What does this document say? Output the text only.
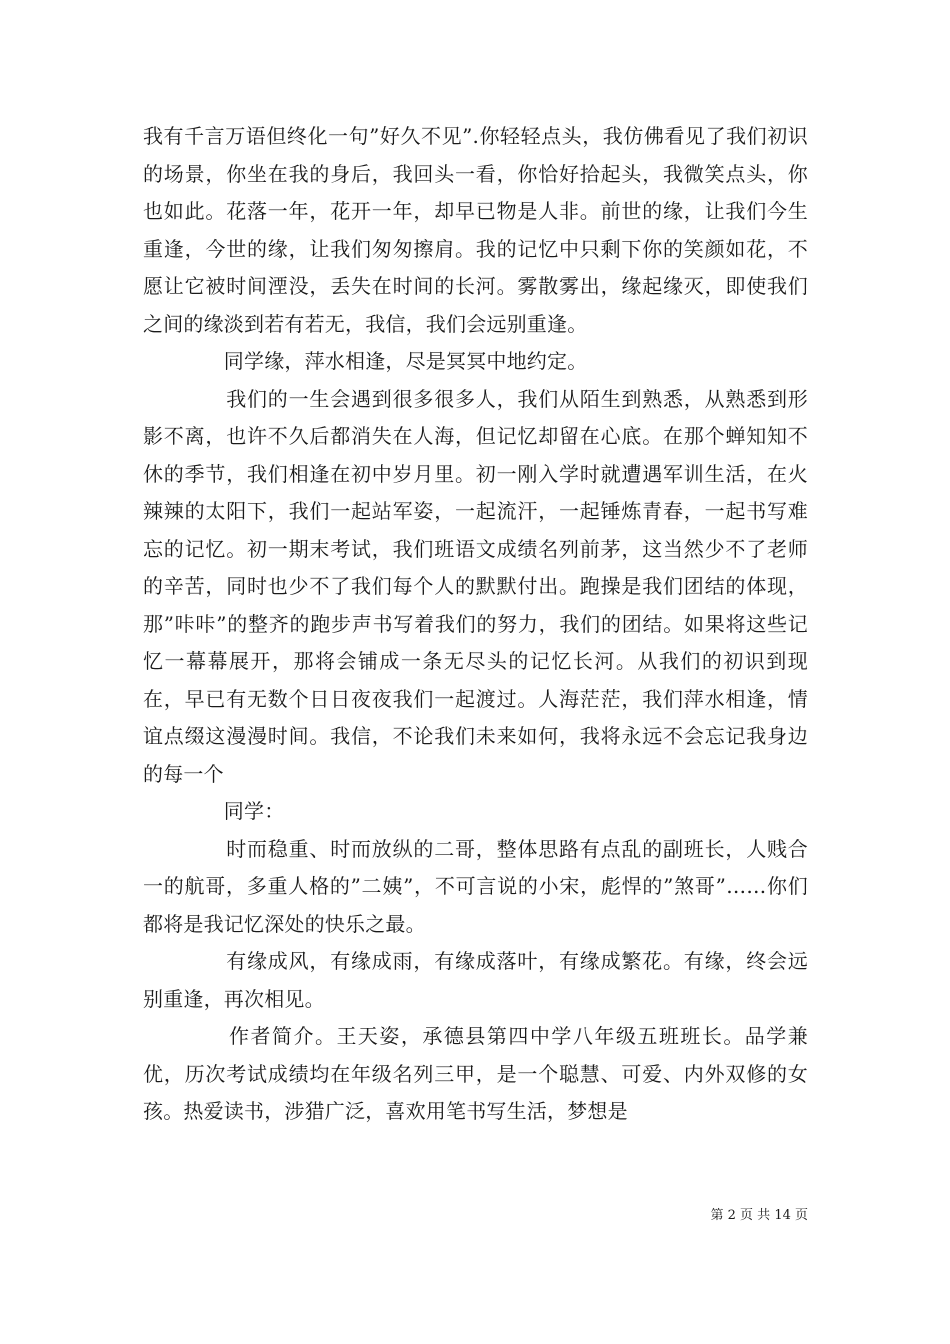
我有千言万语但终化一句”好久不见”.你轻轻点头，我仿佛看见了我们初识的场景，你坐在我的身后，我回头一看，你恰好拾起头，我微笑点头，你也如此。花落一年，花开一年，却早已物是人非。前世的缘，让我们今生重逢，今世的缘，让我们匆匆擦肩。我的记忆中只剩下你的笑颜如花，不愿让它被时间湮没，丢失在时间的长河。雾散雾出，缘起缘灭，即使我们之间的缘淡到若有若无，我信，我们会远别重逢。

　　　　同学缘，萍水相逢，尽是冥冥中地约定。

　　　　我们的一生会遇到很多很多人，我们从陌生到熟悉，从熟悉到形影不离，也许不久后都消失在人海，但记忆却留在心底。在那个蝉知知不休的季节，我们相逢在初中岁月里。初一刚入学时就遭遇军训生活，在火辣辣的太阳下，我们一起站军姿，一起流汗，一起锤炼青春，一起书写难忘的记忆。初一期末考试，我们班语文成绩名列前茅，这当然少不了老师的辛苦，同时也少不了我们每个人的默默付出。跑操是我们团结的体现，那”咔咔”的整齐的跑步声书写着我们的努力，我们的团结。如果将这些记忆一幕幕展开，那将会铺成一条无尽头的记忆长河。从我们的初识到现在，早已有无数个日日夜夜我们一起渡过。人海茫茫，我们萍水相逢，情谊点缀这漫漫时间。我信，不论我们未来如何，我将永远不会忘记我身边的每一个

　　　　同学：

　　　　时而稳重、时而放纵的二哥，整体思路有点乱的副班长，人贱合一的航哥，多重人格的”二姨”，不可言说的小宋，彪悍的”煞哥”……你们都将是我记忆深处的快乐之最。

　　　　有缘成风，有缘成雨，有缘成落叶，有缘成繁花。有缘，终会远别重逢，再次相见。

　　　　作者简介。王天姿，承德县第四中学八年级五班班长。品学兼优，历次考试成绩均在年级名列三甲，是一个聪慧、可爱、内外双修的女孩。热爱读书，涉猎广泛，喜欢用笔书写生活，梦想是

第 2 页 共 14 页
